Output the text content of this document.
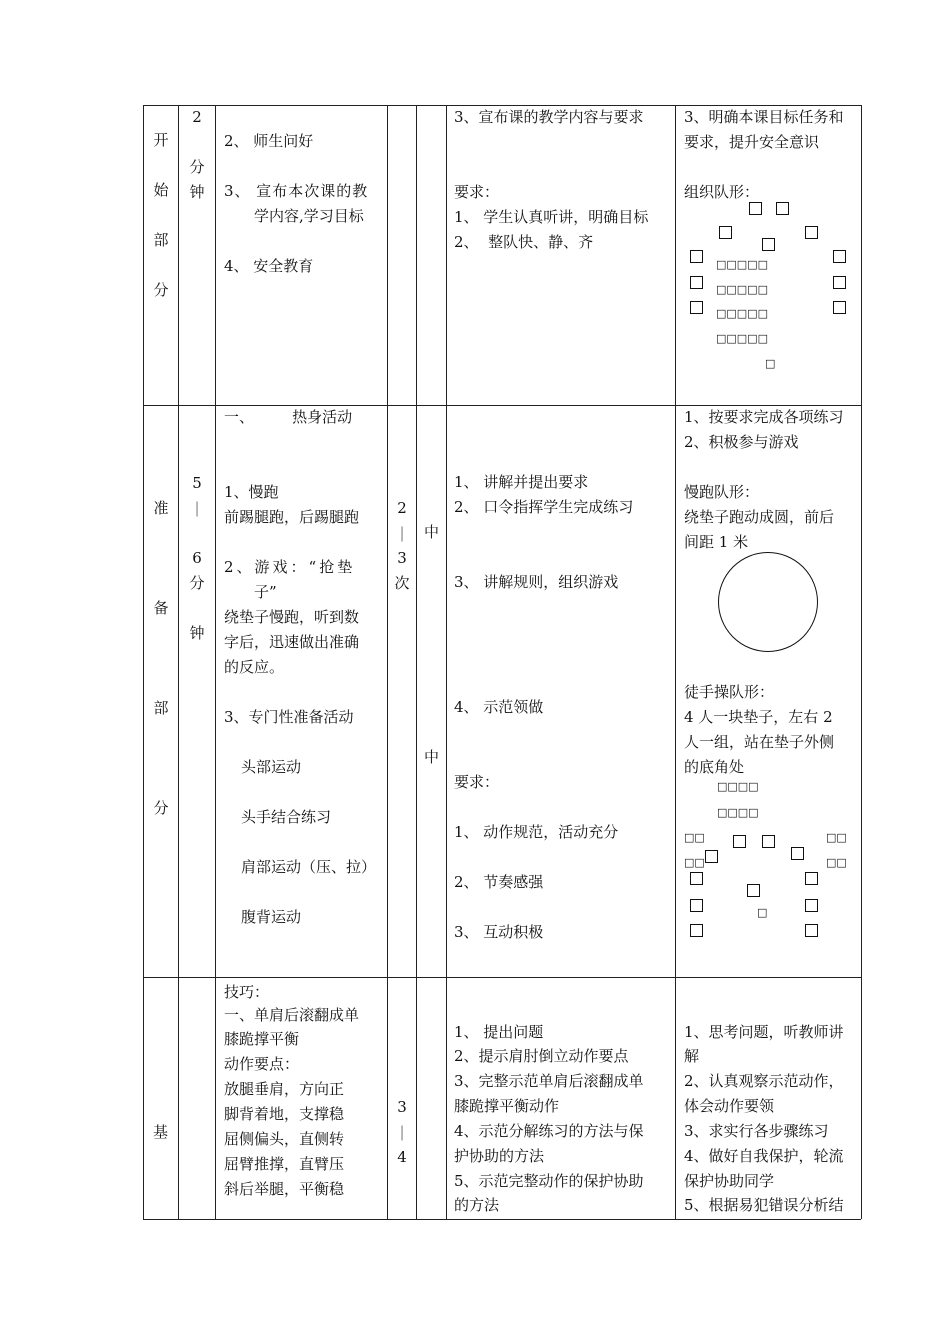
开
始
部
分
2
分
钟
2、 师生问好
3、 宣布本次课的教
学内容,学习目标
4、 安全教育
3、宣布课的教学内容与要求
要求：
1、 学生认真听讲，明确目标
2、  整队快、静、齐
3、明确本课目标任务和
要求，提升安全意识
组织队形：
□□□□□
□□□□□
□□□□□
□□□□□
□
准
备
部
分
5
|
6
分
钟
一、        热身活动
1、慢跑
前踢腿跑，后踢腿跑
2、游戏：“抢垫
子”
绕垫子慢跑，听到数
字后，迅速做出准确
的反应。
3、专门性准备活动
头部运动
头手结合练习
肩部运动（压、拉）
腹背运动
2
|
3
次
中
中
1、 讲解并提出要求
2、 口令指挥学生完成练习
3、 讲解规则，组织游戏
4、 示范领做
要求：
1、 动作规范，活动充分
2、 节奏感强
3、 互动积极
1、按要求完成各项练习
2、积极参与游戏
慢跑队形：
绕垫子跑动成圆，前后
间距 1 米
徒手操队形：
4 人一块垫子，左右 2
人一组，站在垫子外侧
的底角处
□□□□
□□□□
□□	□□
□□	□□
□
基
3
|
4
技巧：
一、单肩后滚翻成单
膝跪撑平衡
动作要点：
放腿垂肩，方向正
脚背着地，支撑稳
屈侧偏头，直侧转
屈臂推撑，直臂压
斜后举腿，平衡稳
1、 提出问题
2、提示肩肘倒立动作要点
3、完整示范单肩后滚翻成单
膝跪撑平衡动作
4、示范分解练习的方法与保
护协助的方法
5、示范完整动作的保护协助
的方法
1、思考问题，听教师讲
解
2、认真观察示范动作，
体会动作要领
3、求实行各步骤练习
4、做好自我保护，轮流
保护协助同学
5、根据易犯错误分析结
